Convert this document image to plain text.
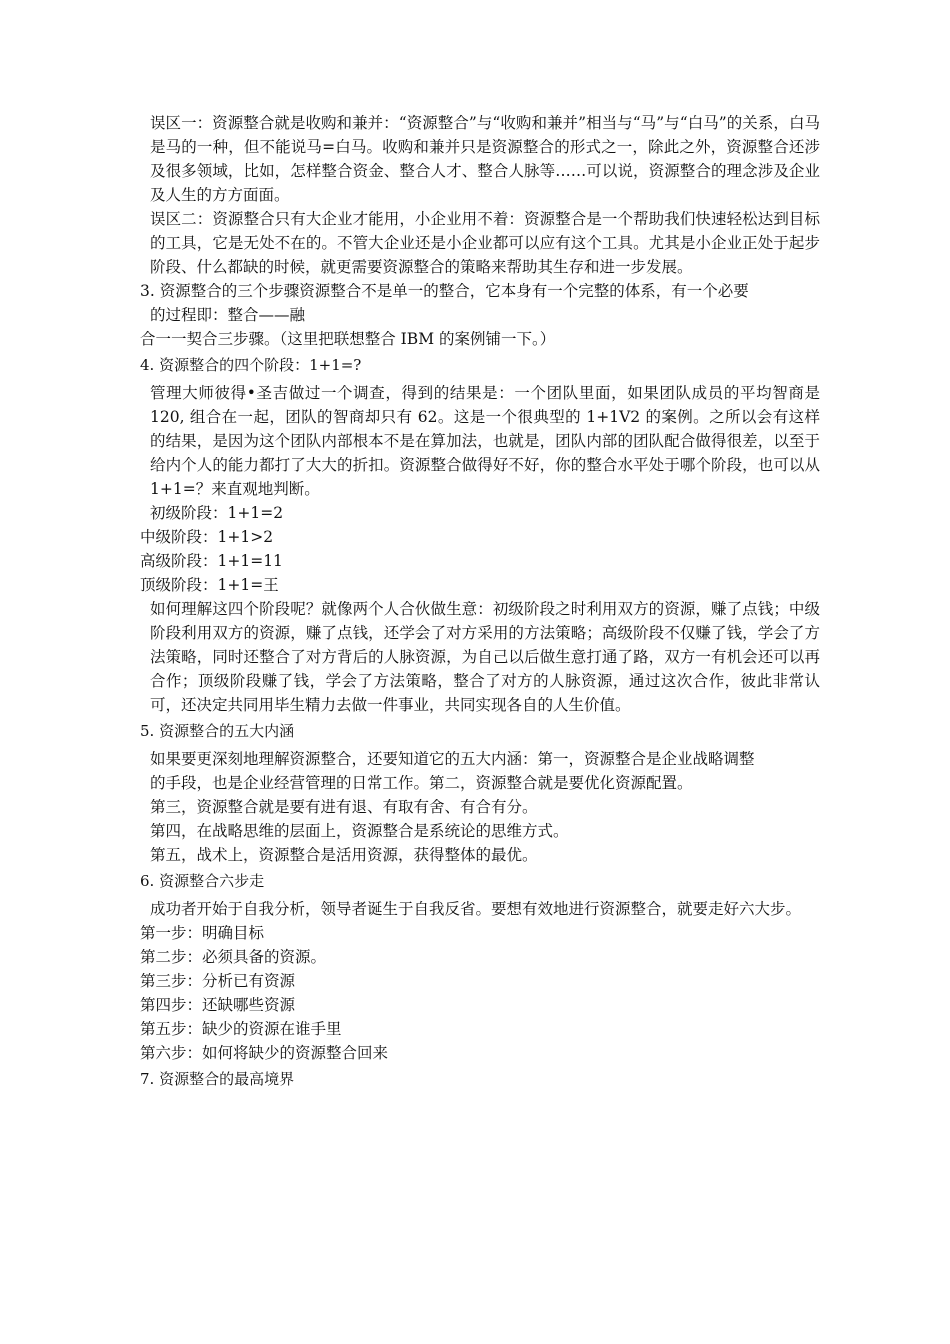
误区一：资源整合就是收购和兼并：“资源整合”与“收购和兼并”相当与“马”与“白马”的关系，白马是马的一种，但不能说马=白马。收购和兼并只是资源整合的形式之一，除此之外，资源整合还涉及很多领域，比如，怎样整合资金、整合人才、整合人脉等……可以说，资源整合的理念涉及企业及人生的方方面面。

误区二：资源整合只有大企业才能用，小企业用不着：资源整合是一个帮助我们快速轻松达到目标的工具，它是无处不在的。不管大企业还是小企业都可以应有这个工具。尤其是小企业正处于起步阶段、什么都缺的时候，就更需要资源整合的策略来帮助其生存和进一步发展。

3. 资源整合的三个步骤资源整合不是单一的整合，它本身有一个完整的体系，有一个必要

的过程即：整合——融

合一一契合三步骤。（这里把联想整合 IBM 的案例铺一下。）

4. 资源整合的四个阶段：1+1=?

管理大师彼得•圣吉做过一个调查，得到的结果是：一个团队里面，如果团队成员的平均智商是 120, 组合在一起，团队的智商却只有 62。这是一个很典型的 1+1V2 的案例。之所以会有这样的结果，是因为这个团队内部根本不是在算加法，也就是，团队内部的团队配合做得很差，以至于给内个人的能力都打了大大的折扣。资源整合做得好不好，你的整合水平处于哪个阶段，也可以从 1+1=？来直观地判断。

初级阶段：1+1=2

中级阶段：1+1>2

高级阶段：1+1=11

顶级阶段：1+1=王

如何理解这四个阶段呢？就像两个人合伙做生意：初级阶段之时利用双方的资源，赚了点钱；中级阶段利用双方的资源，赚了点钱，还学会了对方采用的方法策略；高级阶段不仅赚了钱，学会了方法策略，同时还整合了对方背后的人脉资源，为自己以后做生意打通了路，双方一有机会还可以再合作；顶级阶段赚了钱，学会了方法策略，整合了对方的人脉资源，通过这次合作，彼此非常认可，还决定共同用毕生精力去做一件事业，共同实现各自的人生价值。

5. 资源整合的五大内涵

如果要更深刻地理解资源整合，还要知道它的五大内涵：第一，资源整合是企业战略调整

的手段，也是企业经营管理的日常工作。第二，资源整合就是要优化资源配置。

第三，资源整合就是要有进有退、有取有舍、有合有分。

第四，在战略思维的层面上，资源整合是系统论的思维方式。

第五，战术上，资源整合是活用资源，获得整体的最优。

6. 资源整合六步走

成功者开始于自我分析，领导者诞生于自我反省。要想有效地进行资源整合，就要走好六大步。

第一步：明确目标

第二步：必须具备的资源。

第三步：分析已有资源

第四步：还缺哪些资源

第五步：缺少的资源在谁手里

第六步：如何将缺少的资源整合回来

7. 资源整合的最高境界
